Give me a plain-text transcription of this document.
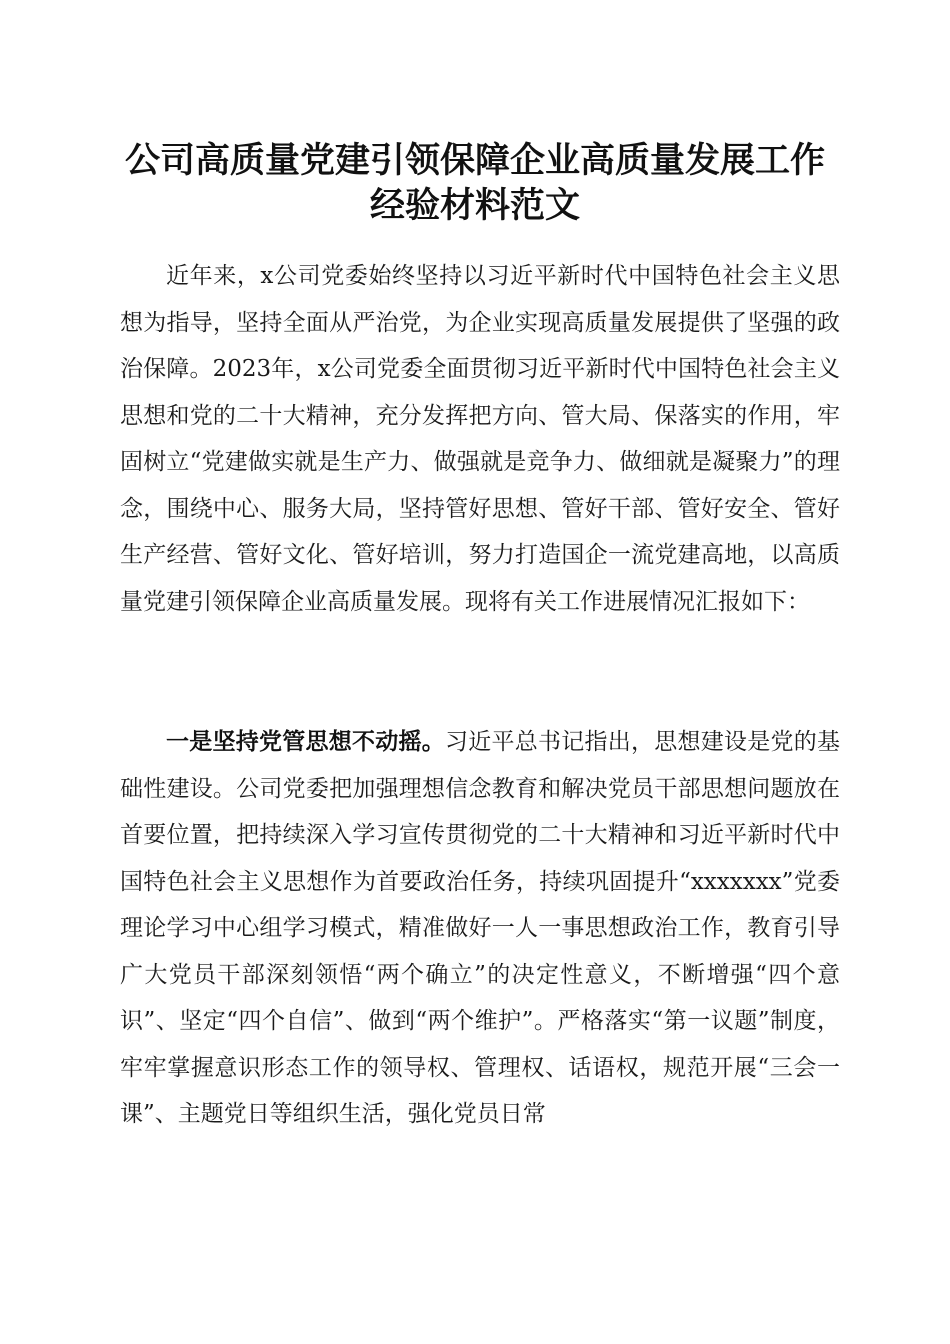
公司高质量党建引领保障企业高质量发展工作
经验材料范文

近年来，x公司党委始终坚持以习近平新时代中国特色社会主义思想为指导，坚持全面从严治党，为企业实现高质量发展提供了坚强的政治保障。2023年，x公司党委全面贯彻习近平新时代中国特色社会主义思想和党的二十大精神，充分发挥把方向、管大局、保落实的作用，牢固树立“党建做实就是生产力、做强就是竞争力、做细就是凝聚力”的理念，围绕中心、服务大局，坚持管好思想、管好干部、管好安全、管好生产经营、管好文化、管好培训，努力打造国企一流党建高地，以高质量党建引领保障企业高质量发展。现将有关工作进展情况汇报如下：

一是坚持党管思想不动摇。习近平总书记指出，思想建设是党的基础性建设。公司党委把加强理想信念教育和解决党员干部思想问题放在首要位置，把持续深入学习宣传贯彻党的二十大精神和习近平新时代中国特色社会主义思想作为首要政治任务，持续巩固提升“xxxxxxx”党委理论学习中心组学习模式，精准做好一人一事思想政治工作，教育引导广大党员干部深刻领悟“两个确立”的决定性意义，不断增强“四个意识”、坚定“四个自信”、做到“两个维护”。严格落实“第一议题”制度，牢牢掌握意识形态工作的领导权、管理权、话语权，规范开展“三会一课”、主题党日等组织生活，强化党员日常
